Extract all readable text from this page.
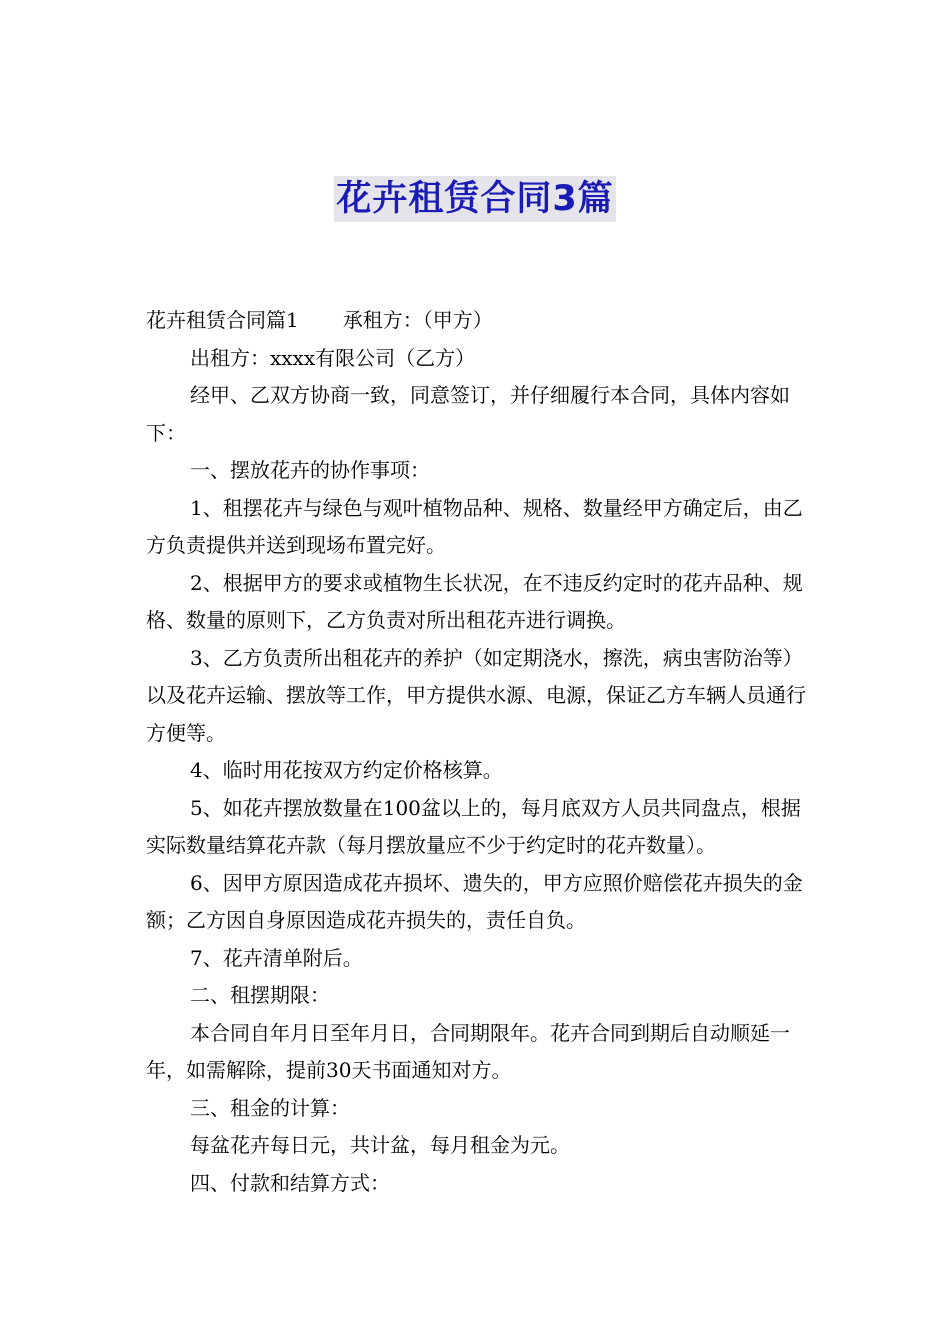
花卉租赁合同3篇

花卉租赁合同篇1 承租方：（甲方）

出租方：xxxx有限公司（乙方）

经甲、乙双方协商一致，同意签订，并仔细履行本合同，具体内容如下：

一、摆放花卉的协作事项：

1、租摆花卉与绿色与观叶植物品种、规格、数量经甲方确定后，由乙方负责提供并送到现场布置完好。

2、根据甲方的要求或植物生长状况，在不违反约定时的花卉品种、规格、数量的原则下，乙方负责对所出租花卉进行调换。

3、乙方负责所出租花卉的养护（如定期浇水，擦洗，病虫害防治等）以及花卉运输、摆放等工作，甲方提供水源、电源，保证乙方车辆人员通行方便等。

4、临时用花按双方约定价格核算。

5、如花卉摆放数量在100盆以上的，每月底双方人员共同盘点，根据实际数量结算花卉款（每月摆放量应不少于约定时的花卉数量）。

6、因甲方原因造成花卉损坏、遗失的，甲方应照价赔偿花卉损失的金额；乙方因自身原因造成花卉损失的，责任自负。

7、花卉清单附后。

二、租摆期限：

本合同自年月日至年月日，合同期限年。花卉合同到期后自动顺延一年，如需解除，提前30天书面通知对方。

三、租金的计算：

每盆花卉每日元，共计盆，每月租金为元。

四、付款和结算方式：
